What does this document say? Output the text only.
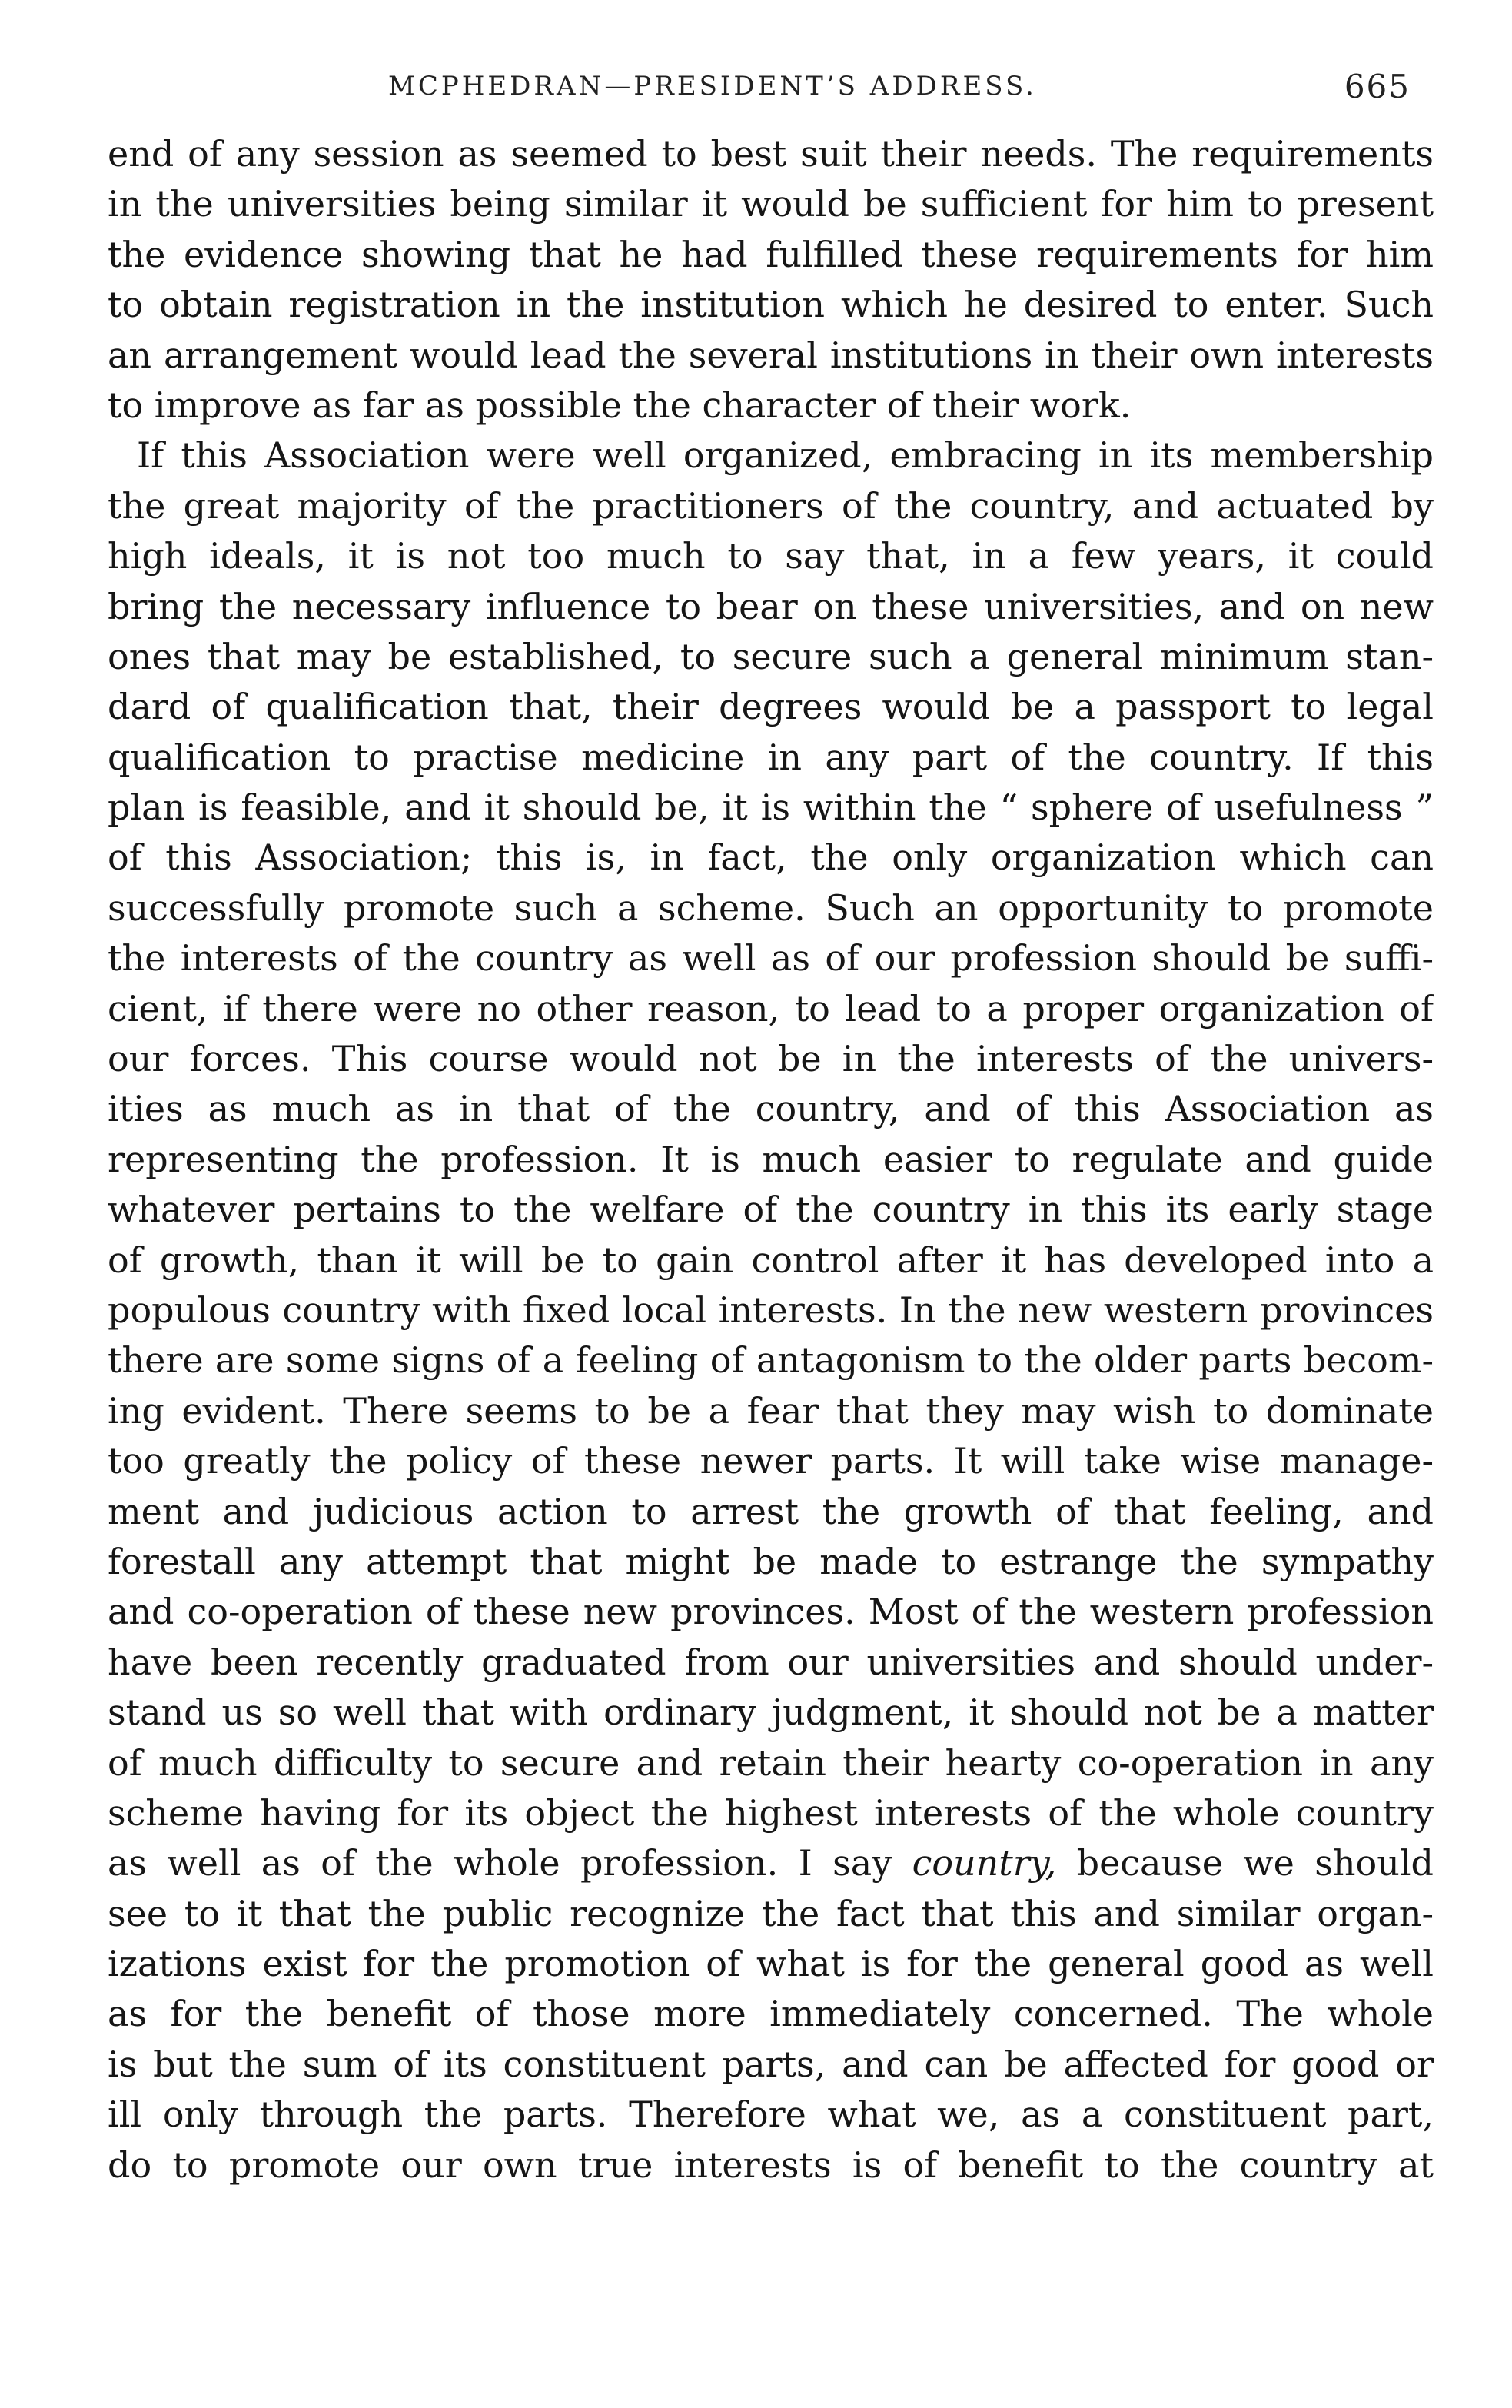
MCPHEDRAN—PRESIDENT’S ADDRESS.	665
end of any session as seemed to best suit their needs. The requirements
in the universities being similar it would be sufficient for him to present
the evidence showing that he had fulfilled these requirements for him
to obtain registration in the institution which he desired to enter. Such
an arrangement would lead the several institutions in their own interests
to improve as far as possible the character of their work.
If this Association were well organized, embracing in its membership
the great majority of the practitioners of the country, and actuated by
high ideals, it is not too much to say that, in a few years, it could
bring the necessary influence to bear on these universities, and on new
ones that may be established, to secure such a general minimum stan-
dard of qualification that, their degrees would be a passport to legal
qualification to practise medicine in any part of the country. If this
plan is feasible, and it should be, it is within the “ sphere of usefulness ”
of this Association; this is, in fact, the only organization which can
successfully promote such a scheme. Such an opportunity to promote
the interests of the country as well as of our profession should be suffi-
cient, if there were no other reason, to lead to a proper organization of
our forces. This course would not be in the interests of the univers-
ities as much as in that of the country, and of this Association as
representing the profession. It is much easier to regulate and guide
whatever pertains to the welfare of the country in this its early stage
of growth, than it will be to gain control after it has developed into a
populous country with fixed local interests. In the new western provinces
there are some signs of a feeling of antagonism to the older parts becom-
ing evident. There seems to be a fear that they may wish to dominate
too greatly the policy of these newer parts. It will take wise manage-
ment and judicious action to arrest the growth of that feeling, and
forestall any attempt that might be made to estrange the sympathy
and co-operation of these new provinces. Most of the western profession
have been recently graduated from our universities and should under-
stand us so well that with ordinary judgment, it should not be a matter
of much difficulty to secure and retain their hearty co-operation in any
scheme having for its object the highest interests of the whole country
as well as of the whole profession. I say country, because we should
see to it that the public recognize the fact that this and similar organ-
izations exist for the promotion of what is for the general good as well
as for the benefit of those more immediately concerned. The whole
is but the sum of its constituent parts, and can be affected for good or
ill only through the parts. Therefore what we, as a constituent part,
do to promote our own true interests is of benefit to the country at
